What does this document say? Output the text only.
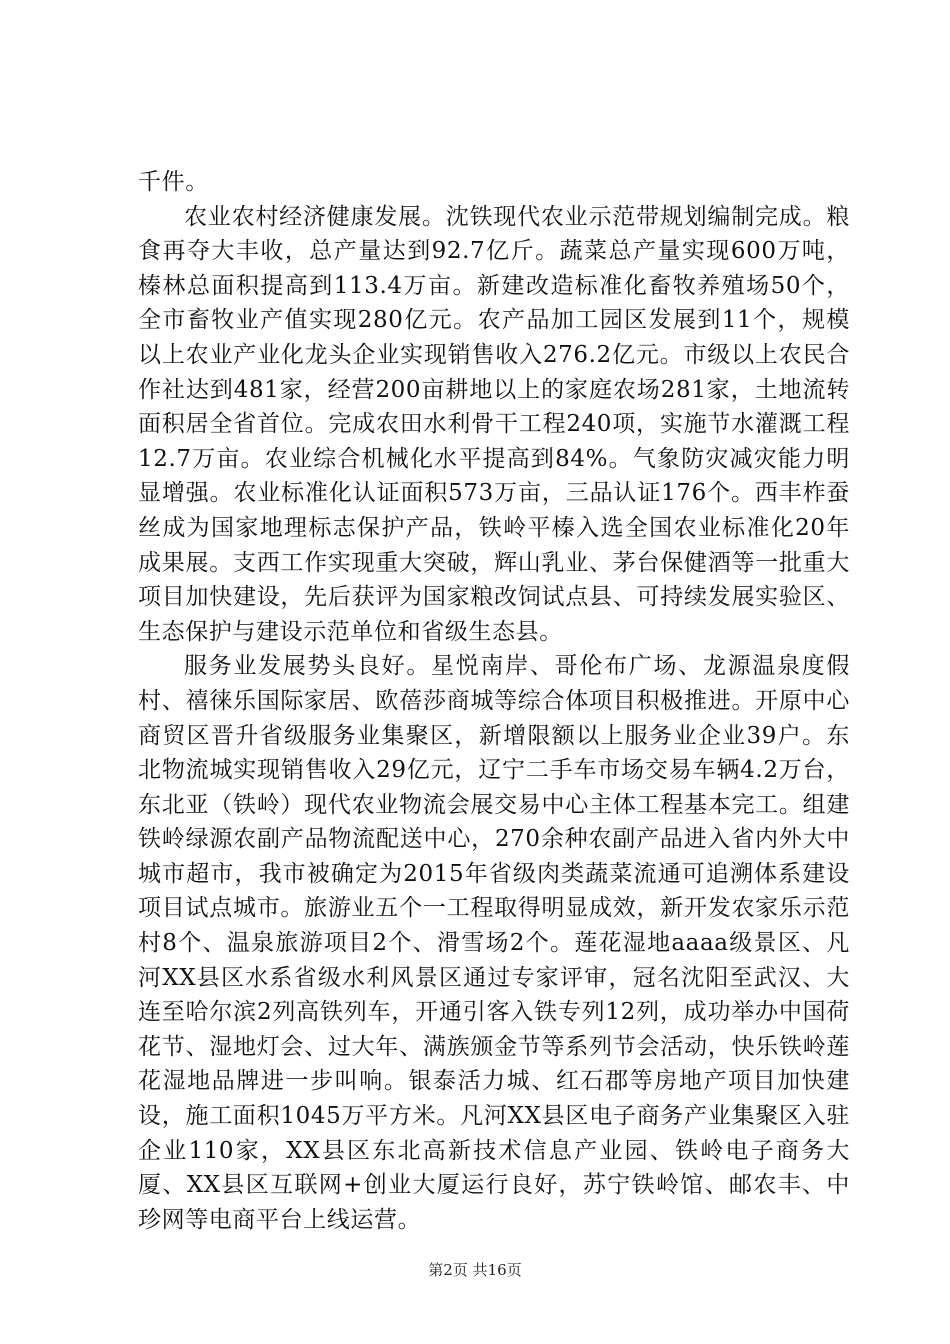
千件。

农业农村经济健康发展。沈铁现代农业示范带规划编制完成。粮食再夺大丰收，总产量达到92.7亿斤。蔬菜总产量实现600万吨，榛林总面积提高到113.4万亩。新建改造标准化畜牧养殖场50个，全市畜牧业产值实现280亿元。农产品加工园区发展到11个，规模以上农业产业化龙头企业实现销售收入276.2亿元。市级以上农民合作社达到481家，经营200亩耕地以上的家庭农场281家，土地流转面积居全省首位。完成农田水利骨干工程240项，实施节水灌溉工程12.7万亩。农业综合机械化水平提高到84%。气象防灾减灾能力明显增强。农业标准化认证面积573万亩，三品认证176个。西丰柞蚕丝成为国家地理标志保护产品，铁岭平榛入选全国农业标准化20年成果展。支西工作实现重大突破，辉山乳业、茅台保健酒等一批重大项目加快建设，先后获评为国家粮改饲试点县、可持续发展实验区、生态保护与建设示范单位和省级生态县。

服务业发展势头良好。星悦南岸、哥伦布广场、龙源温泉度假村、禧徕乐国际家居、欧蓓莎商城等综合体项目积极推进。开原中心商贸区晋升省级服务业集聚区，新增限额以上服务业企业39户。东北物流城实现销售收入29亿元，辽宁二手车市场交易车辆4.2万台，东北亚（铁岭）现代农业物流会展交易中心主体工程基本完工。组建铁岭绿源农副产品物流配送中心，270余种农副产品进入省内外大中城市超市，我市被确定为2015年省级肉类蔬菜流通可追溯体系建设项目试点城市。旅游业五个一工程取得明显成效，新开发农家乐示范村8个、温泉旅游项目2个、滑雪场2个。莲花湿地aaaa级景区、凡河XX县区水系省级水利风景区通过专家评审，冠名沈阳至武汉、大连至哈尔滨2列高铁列车，开通引客入铁专列12列，成功举办中国荷花节、湿地灯会、过大年、满族颁金节等系列节会活动，快乐铁岭莲花湿地品牌进一步叫响。银泰活力城、红石郡等房地产项目加快建设，施工面积1045万平方米。凡河XX县区电子商务产业集聚区入驻企业110家，XX县区东北高新技术信息产业园、铁岭电子商务大厦、XX县区互联网+创业大厦运行良好，苏宁铁岭馆、邮农丰、中珍网等电商平台上线运营。

第2页 共16页
